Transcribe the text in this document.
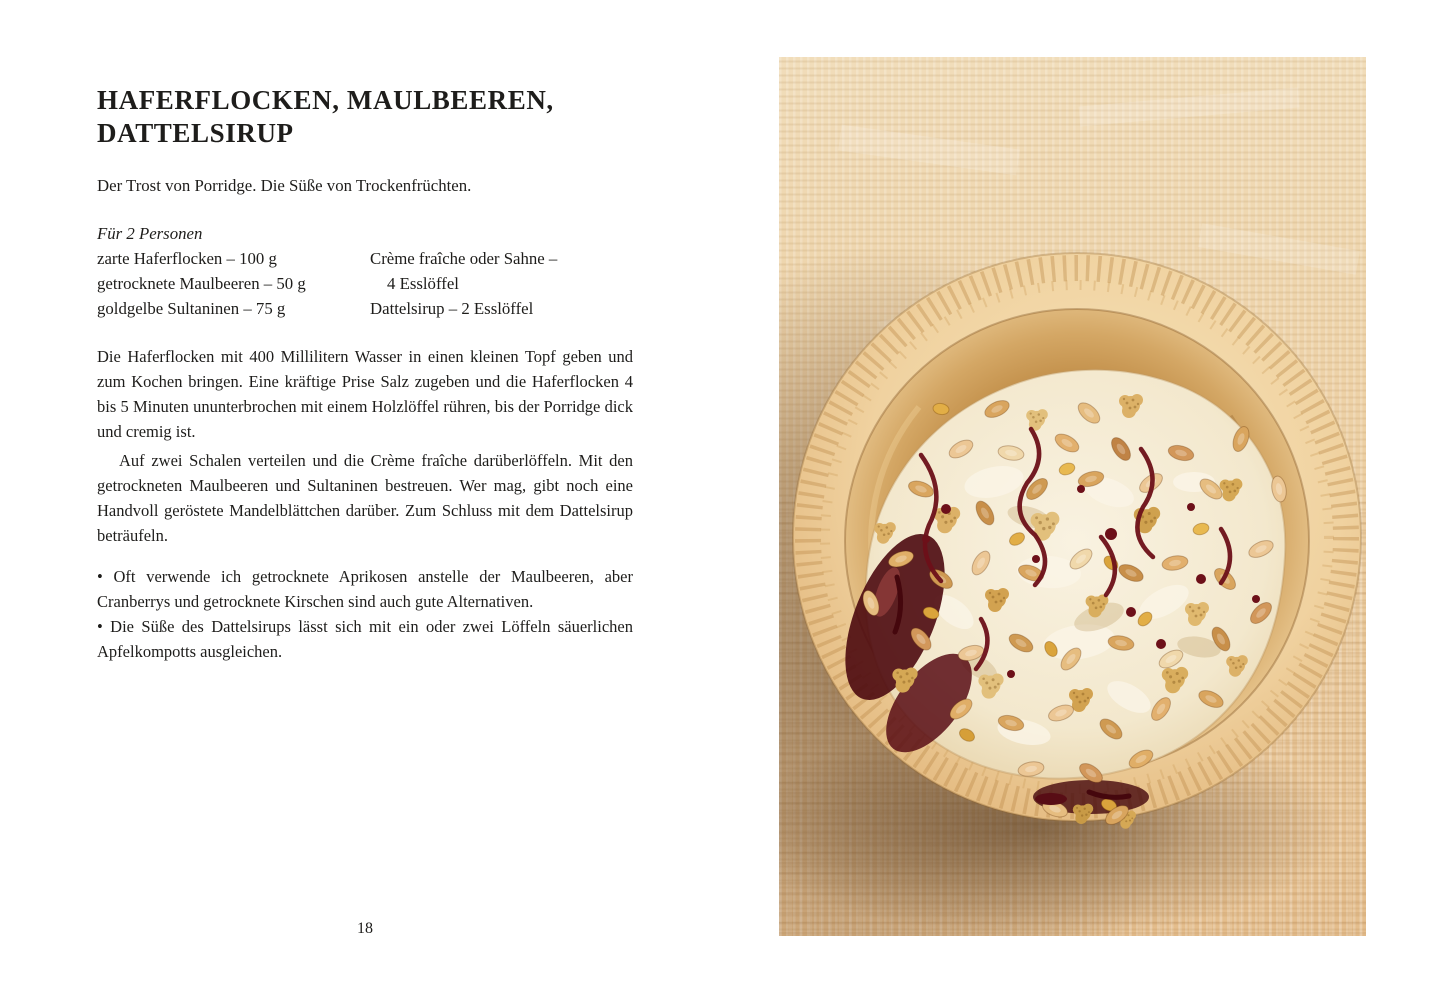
HAFERFLOCKEN, MAULBEEREN,
DATTELSIRUP

Der Trost von Porridge. Die Süße von Trockenfrüchten.

Für 2 Personen

zarte Haferflocken – 100 g
getrocknete Maulbeeren – 50 g
goldgelbe Sultaninen – 75 g
Crème fraîche oder Sahne –
4 Esslöffel
Dattelsirup – 2 Esslöffel

Die Haferflocken mit 400 Millilitern Wasser in einen kleinen Topf geben und zum Kochen bringen. Eine kräftige Prise Salz zugeben und die Haferflocken 4 bis 5 Minuten ununterbrochen mit einem Holzlöffel rühren, bis der Porridge dick und cremig ist.

Auf zwei Schalen verteilen und die Crème fraîche darüberlöffeln. Mit den getrockneten Maulbeeren und Sultaninen bestreuen. Wer mag, gibt noch eine Handvoll geröstete Mandelblättchen darüber. Zum Schluss mit dem Dattelsirup beträufeln.

• Oft verwende ich getrocknete Aprikosen anstelle der Maulbeeren, aber Cranberrys und getrocknete Kirschen sind auch gute Alternativen.

• Die Süße des Dattelsirups lässt sich mit ein oder zwei Löffeln säuerlichen Apfelkompotts ausgleichen.

18
